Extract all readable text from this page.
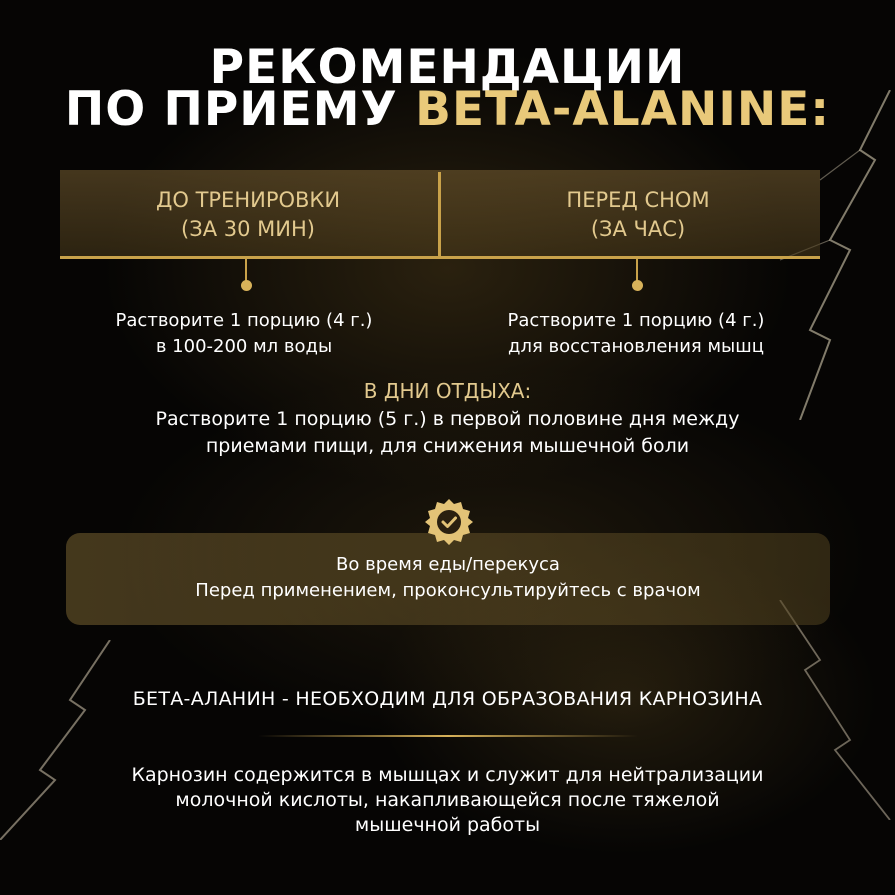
РЕКОМЕНДАЦИИ
ПО ПРИЕМУ BETA-ALANINE:
ДО ТРЕНИРОВКИ
(ЗА 30 МИН)
ПЕРЕД СНОМ
(ЗА ЧАС)
Растворите 1 порцию (4 г.)
в 100-200 мл воды
Растворите 1 порцию (4 г.)
для восстановления мышц
В ДНИ ОТДЫХА:
Растворите 1 порцию (5 г.) в первой половине дня между
приемами пищи, для снижения мышечной боли
Во время еды/перекуса
Перед применением, проконсультируйтесь с врачом
БЕТА-АЛАНИН - НЕОБХОДИМ ДЛЯ ОБРАЗОВАНИЯ КАРНОЗИНА
Карнозин содержится в мышцах и служит для нейтрализации
молочной кислоты, накапливающейся после тяжелой
мышечной работы
